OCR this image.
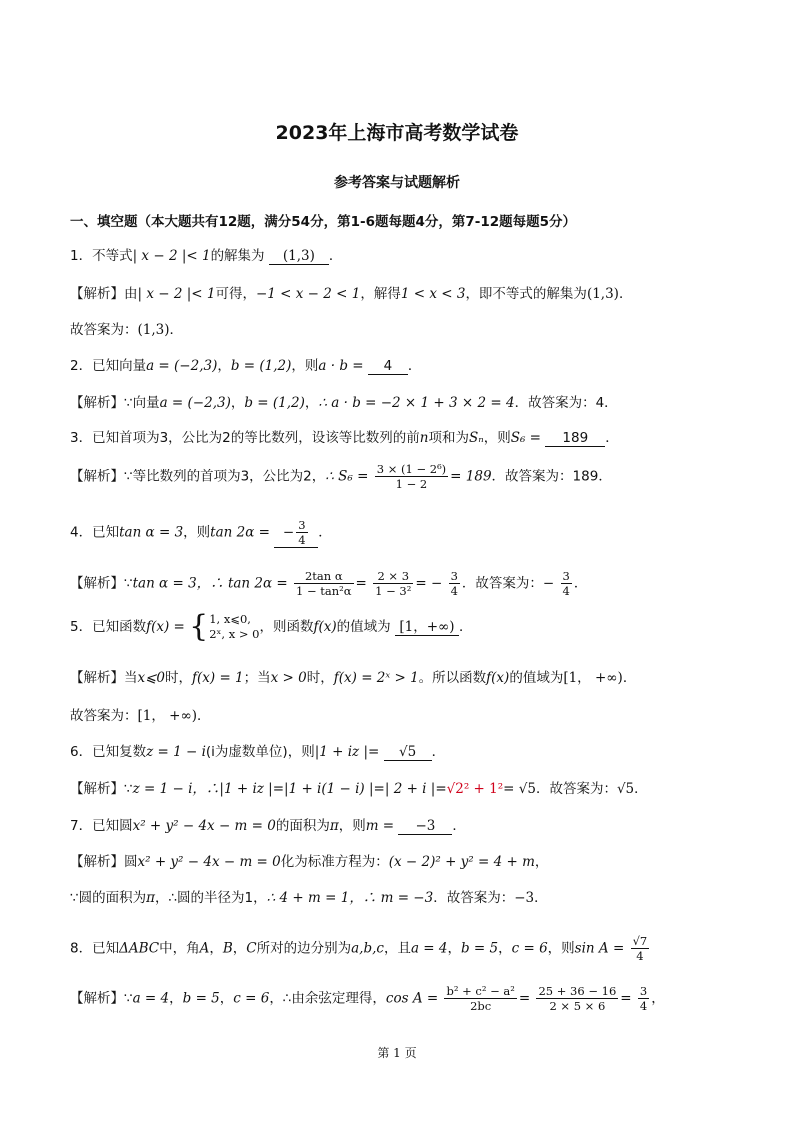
2023年上海市高考数学试卷
参考答案与试题解析
一、填空题（本大题共有12题，满分54分，第1-6题每题4分，第7-12题每题5分）
1．不等式| x − 2 |< 1的解集为 (1,3) ．
【解析】由| x − 2 |< 1可得，−1 < x − 2 < 1，解得1 < x < 3，即不等式的解集为(1,3)．
故答案为：(1,3)．
2．已知向量a = (−2,3)，b = (1,2)，则a · b = 4 ．
【解析】∵向量a = (−2,3)，b = (1,2)，∴ a · b = −2 × 1 + 3 × 2 = 4．故答案为：4．
3．已知首项为3，公比为2的等比数列，设该等比数列的前n项和为Sₙ，则S₆ = 189 ．
【解析】∵等比数列的首项为3，公比为2，∴ $S_6 = \frac{\text{3 × (1 − 2⁶)}}{1 - 2} = 189$．故答案为：189．
4．已知tan α = 3，则tan 2α = − $\frac{3}{4}$ ．
【解析】∵tan α = 3，∴ $\tan 2\alpha = \frac{\text{2tan α}}{\text{1 − tan²α}} = \frac{2 \times 3}{\text{1 − 3²}}$ = − $\frac{3}{4}$ ．故答案为：− $\frac{3}{4}$ ．
5．已知函数f(x) = { 1, x⩽0,
2ˣ, x > 0 ，则函数f(x)的值域为 [1，+∞) ．
【解析】当x⩽0时，f(x) = 1；当x > 0时，f(x) = 2ˣ > 1。所以函数f(x)的值域为[1， +∞)．
故答案为：[1， +∞)．
6．已知复数z = 1 − i(i为虚数单位)，则|1 + iz |= √5 ．
【解析】∵z = 1 − i，∴|1 + iz |=|1 + i(1 − i) |=| 2 + i |=√2² + 1²= √5．故答案为：√5．
7．已知圆x² + y² − 4x − m = 0的面积为π，则m = −3 ．
【解析】圆x² + y² − 4x − m = 0化为标准方程为：(x − 2)² + y² = 4 + m，
∵圆的面积为π，∴圆的半径为1，∴ 4 + m = 1，∴ m = −3．故答案为：−3．
8．已知ΔABC中，角A，B，C所对的边分别为a,b,c，且a = 4，b = 5，c = 6，则$\sin A = \frac{√7}{4}$
【解析】∵a = 4，b = 5，c = 6，∴由余弦定理得，$\cos A = \frac{\text{b² + c² − a²}}{2bc} = \frac{25 + 36 - 16}{2 \times 5 \times 6} = \frac{3}{4}$ ，
第 1 页
